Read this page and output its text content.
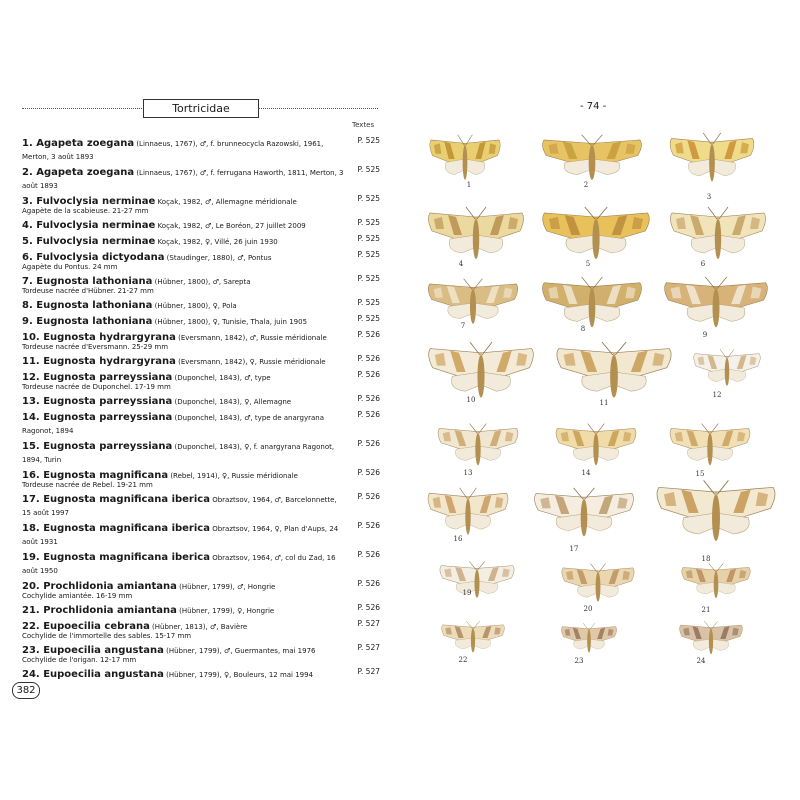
Tortricidae
Textes
1. Agapeta zoegana (Linnaeus, 1767), ♂, f. brunneocycla Razowski, 1961, Merton, 3 août 1893
P. 525
2. Agapeta zoegana (Linnaeus, 1767), ♂, f. ferrugana Haworth, 1811, Merton, 3 août 1893
P. 525
3. Fulvoclysia nerminae Koçak, 1982, ♂, Allemagne méridionale
Agapète de la scabieuse. 21-27 mm
P. 525
4. Fulvoclysia nerminae Koçak, 1982, ♂, Le Boréon, 27 juillet 2009	P. 525
5. Fulvoclysia nerminae Koçak, 1982, ♀, Villé, 26 juin 1930	P. 525
6. Fulvoclysia dictyodana (Staudinger, 1880), ♂, Pontus
Agapète du Pontus. 24 mm
P. 525
7. Eugnosta lathoniana (Hübner, 1800), ♂, Sarepta
Tordeuse nacrée d'Hübner. 21-27 mm
P. 525
8. Eugnosta lathoniana (Hübner, 1800), ♀, Pola	P. 525
9. Eugnosta lathoniana (Hübner, 1800), ♀, Tunisie, Thala, juin 1905	P. 525
10. Eugnosta hydrargyrana (Eversmann, 1842), ♂, Russie méridionale
Tordeuse nacrée d'Eversmann. 25-29 mm
P. 526
11. Eugnosta hydrargyrana (Eversmann, 1842), ♀, Russie méridionale	P. 526
12. Eugnosta parreyssiana (Duponchel, 1843), ♂, type
Tordeuse nacrée de Duponchel. 17-19 mm
P. 526
13. Eugnosta parreyssiana (Duponchel, 1843), ♀, Allemagne	P. 526
14. Eugnosta parreyssiana (Duponchel, 1843), ♂, type de anargyrana Ragonot, 1894
P. 526
15. Eugnosta parreyssiana (Duponchel, 1843), ♀, f. anargyrana Ragonot, 1894, Turin
P. 526
16. Eugnosta magnificana (Rebel, 1914), ♀, Russie méridionale
Tordeuse nacrée de Rebel. 19-21 mm
P. 526
17. Eugnosta magnificana iberica Obraztsov, 1964, ♂, Barcelonnette, 15 août 1997
P. 526
18. Eugnosta magnificana iberica Obraztsov, 1964, ♀, Plan d'Aups, 24 août 1931
P. 526
19. Eugnosta magnificana iberica Obraztsov, 1964, ♂, col du Zad, 16 août 1950
P. 526
20. Prochlidonia amiantana (Hübner, 1799), ♂, Hongrie
Cochylide amiantée. 16-19 mm
P. 526
21. Prochlidonia amiantana (Hübner, 1799), ♀, Hongrie	P. 526
22. Eupoecilia cebrana (Hübner, 1813), ♂, Bavière
Cochylide de l'immortelle des sables. 15-17 mm
P. 527
23. Eupoecilia angustana (Hübner, 1799), ♂, Guermantes, mai 1976
Cochylide de l'origan. 12-17 mm
P. 527
24. Eupoecilia angustana (Hübner, 1799), ♀, Bouleurs, 12 mai 1994	P. 527
382
- 74 -
1	2
3
4	5	6
7	8
9
10	11
12
13	14	15
16
17
18
19
20	21
22	23	24
